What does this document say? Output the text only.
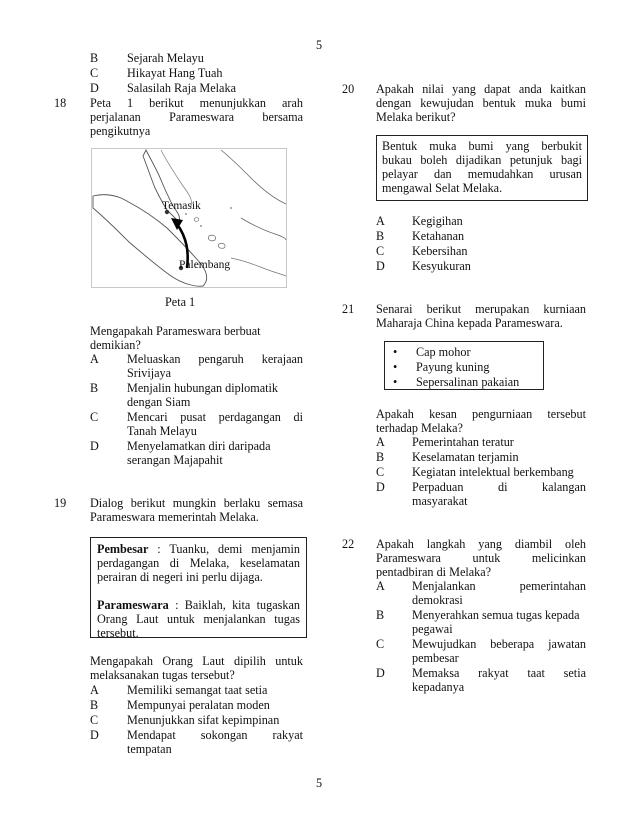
5
B Sejarah Melayu
C Hikayat Hang Tuah
D Salasilah Raja Melaka
18 Peta 1 berikut menunjukkan arah
perjalanan Parameswara bersama
pengikutnya
Temasik
Palembang
Peta 1
Mengapakah Parameswara berbuat
demikian?
A Meluaskan pengaruh kerajaan
Srivijaya
B Menjalin hubungan diplomatik
dengan Siam
C Mencari pusat perdagangan di
Tanah Melayu
D Menyelamatkan diri daripada
serangan Majapahit
19 Dialog berikut mungkin berlaku semasa
Parameswara memerintah Melaka.
Pembesar : Tuanku, demi menjamin
perdagangan di Melaka, keselamatan
perairan di negeri ini perlu dijaga.
Parameswara : Baiklah, kita tugaskan
Orang Laut untuk menjalankan tugas
tersebut.
Mengapakah Orang Laut dipilih untuk
melaksanakan tugas tersebut?
A Memiliki semangat taat setia
B Mempunyai peralatan moden
C Menunjukkan sifat kepimpinan
D Mendapat sokongan rakyat
tempatan
20 Apakah nilai yang dapat anda kaitkan
dengan kewujudan bentuk muka bumi
Melaka berikut?
Bentuk muka bumi yang berbukit
bukau boleh dijadikan petunjuk bagi
pelayar dan memudahkan urusan
mengawal Selat Melaka.
A Kegigihan
B Ketahanan
C Kebersihan
D Kesyukuran
21 Senarai berikut merupakan kurniaan
Maharaja China kepada Parameswara.
• Cap mohor
• Payung kuning
• Sepersalinan pakaian
Apakah kesan pengurniaan tersebut
terhadap Melaka?
A Pemerintahan teratur
B Keselamatan terjamin
C Kegiatan intelektual berkembang
D Perpaduan di kalangan
masyarakat
22 Apakah langkah yang diambil oleh
Parameswara untuk melicinkan
pentadbiran di Melaka?
A Menjalankan pemerintahan
demokrasi
B Menyerahkan semua tugas kepada
pegawai
C Mewujudkan beberapa jawatan
pembesar
D Memaksa rakyat taat setia
kepadanya
5
